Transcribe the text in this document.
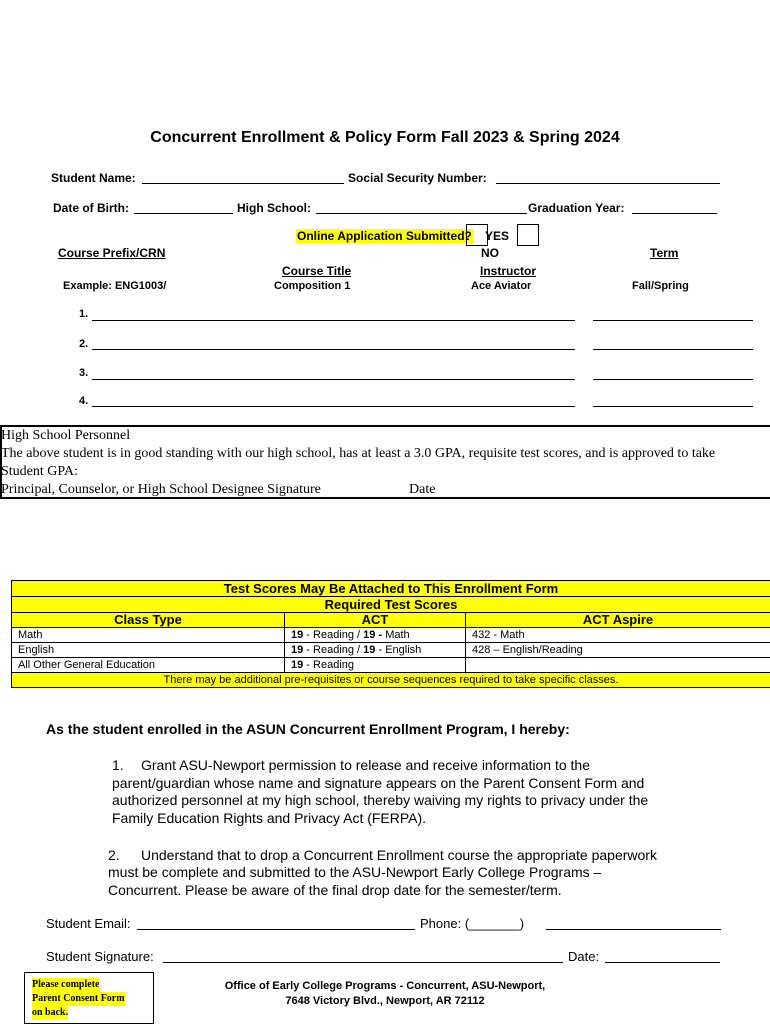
Concurrent Enrollment & Policy Form Fall 2023 & Spring 2024
Student Name:	Social Security Number:
Date of Birth:	High School:	Graduation Year:
Online Application Submitted? YES
NO
Course Prefix/CRN	Term
Course Title	Instructor
Example: ENG1003/	Composition 1	Ace Aviator	Fall/Spring
1.
2.
3.
4.
High School Personnel
The above student is in good standing with our high school, has at least a 3.0 GPA, requisite test scores, and is approved to take
Student GPA:
Principal, Counselor, or High School Designee Signature	Date
Test Scores May Be Attached to This Enrollment Form		
Required Test Scores		
Class Type	ACT	ACT Aspire
Math	19 - Reading / 19 - Math	432 - Math
English	19 - Reading / 19 - English	428 – English/Reading
All Other General Education	19 - Reading	
There may be additional pre-requisites or course sequences required to take specific classes.		
As the student enrolled in the ASUN Concurrent Enrollment Program, I hereby:
1. Grant ASU-Newport permission to release and receive information to the
parent/guardian whose name and signature appears on the Parent Consent Form and
authorized personnel at my high school, thereby waiving my rights to privacy under the
Family Education Rights and Privacy Act (FERPA).
2. Understand that to drop a Concurrent Enrollment course the appropriate paperwork
must be complete and submitted to the ASU-Newport Early College Programs –
Concurrent. Please be aware of the final drop date for the semester/term.
Student Email:	Phone: (_______)
Student Signature:	Date:
Please complete
Parent Consent Form
on back.
Office of Early College Programs - Concurrent, ASU-Newport,
7648 Victory Blvd., Newport, AR 72112
